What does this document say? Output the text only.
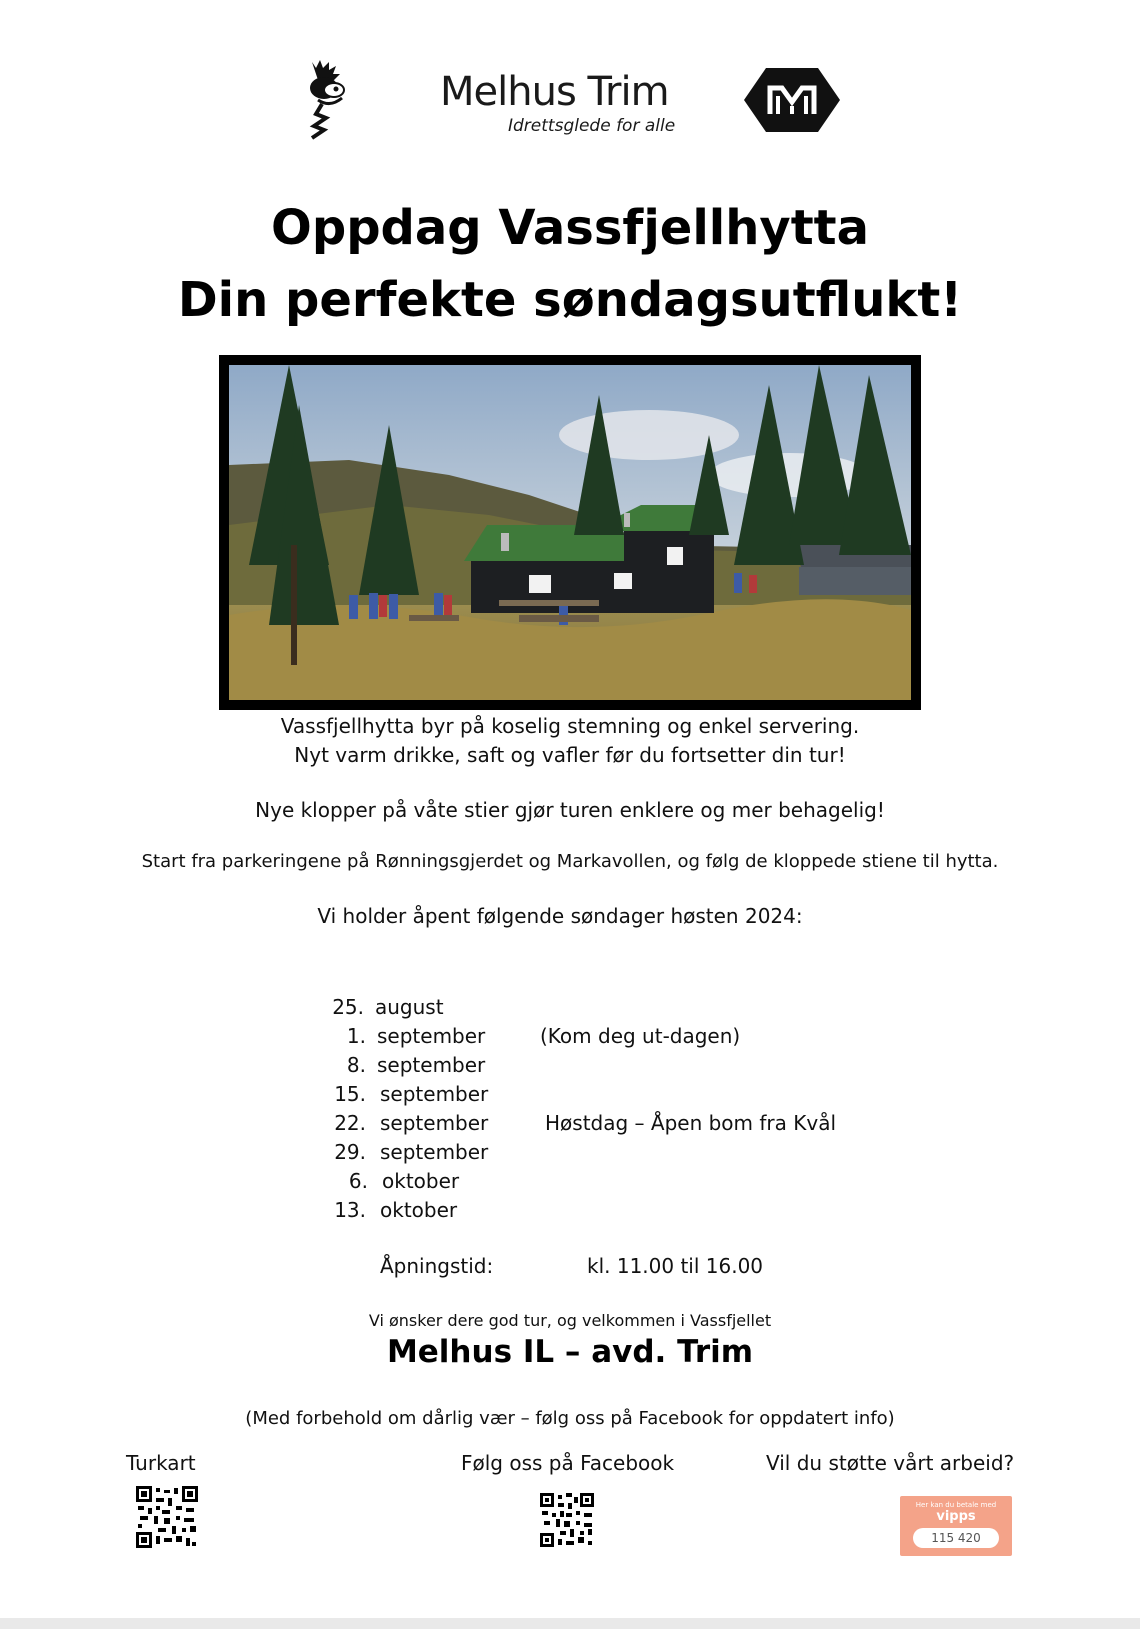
Melhus Trim
Idrettsglede for alle
Oppdag Vassfjellhytta
Din perfekte søndagsutflukt!
Vassfjellhytta byr på koselig stemning og enkel servering.
Nyt varm drikke, saft og vafler før du fortsetter din tur!
Nye klopper på våte stier gjør turen enklere og mer behagelig!
Start fra parkeringene på Rønningsgjerdet og Markavollen, og følg de kloppede stiene til hytta.
Vi holder åpent følgende søndager høsten 2024:
25. august
1. september	(Kom deg ut-dagen)
8. september
15. september
22. september	Høstdag – Åpen bom fra Kvål
29. september
6. oktober
13. oktober
Åpningstid:	kl. 11.00 til 16.00
Vi ønsker dere god tur, og velkommen i Vassfjellet
Melhus IL – avd. Trim
(Med forbehold om dårlig vær – følg oss på Facebook for oppdatert info)
Turkart	Følg oss på Facebook	Vil du støtte vårt arbeid?
Her kan du betale med
vipps
115 420
